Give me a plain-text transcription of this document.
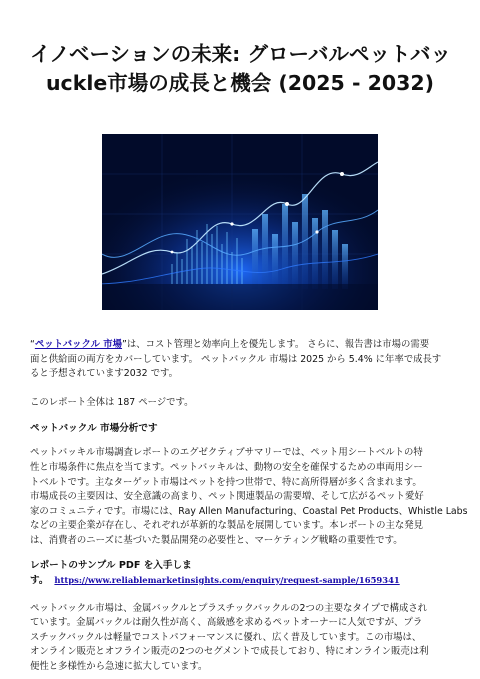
イノベーションの未来: グローバルペットバッ
uckle市場の成長と機会 (2025 - 2032)

“ペットバックル 市場”は、コスト管理と効率向上を優先します。 さらに、報告書は市場の需要
面と供給面の両方をカバーしています。 ペットバックル 市場は 2025 から 5.4% に年率で成長す
ると予想されています2032 です。

このレポート全体は 187 ページです。

ペットバックル 市場分析です

ペットバッキル市場調査レポートのエグゼクティブサマリーでは、ペット用シートベルトの特
性と市場条件に焦点を当てます。ペットバッキルは、動物の安全を確保するための車両用シー
トベルトです。主なターゲット市場はペットを持つ世帯で、特に高所得層が多く含まれます。
市場成長の主要因は、安全意識の高まり、ペット関連製品の需要増、そして広がるペット愛好
家のコミュニティです。市場には、Ray Allen Manufacturing、Coastal Pet Products、Whistle Labs
などの主要企業が存在し、それぞれが革新的な製品を展開しています。本レポートの主な発見
は、消費者のニーズに基づいた製品開発の必要性と、マーケティング戦略の重要性です。

レポートのサンプル PDF を入手しま
す。 https://www.reliablemarketinsights.com/enquiry/request-sample/1659341

ペットバックル市場は、金属バックルとプラスチックバックルの2つの主要なタイプで構成され
ています。金属バックルは耐久性が高く、高級感を求めるペットオーナーに人気ですが、プラ
スチックバックルは軽量でコストパフォーマンスに優れ、広く普及しています。この市場は、
オンライン販売とオフライン販売の2つのセグメントで成長しており、特にオンライン販売は利
便性と多様性から急速に拡大しています。
